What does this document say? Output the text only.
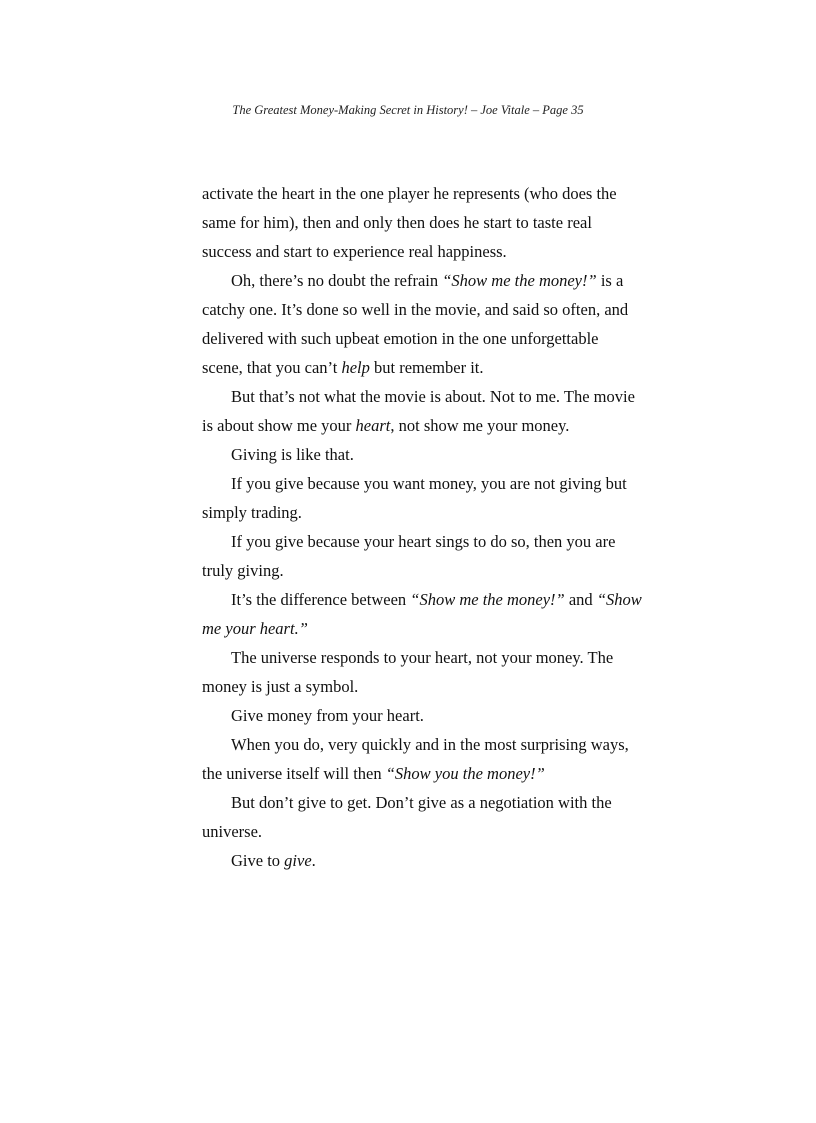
The Greatest Money-Making Secret in History! – Joe Vitale – Page 35

activate the heart in the one player he represents (who does the same for him), then and only then does he start to taste real success and start to experience real happiness.

Oh, there’s no doubt the refrain “Show me the money!” is a catchy one. It’s done so well in the movie, and said so often, and delivered with such upbeat emotion in the one unforgettable scene, that you can’t help but remember it.

But that’s not what the movie is about. Not to me. The movie is about show me your heart, not show me your money.

Giving is like that.

If you give because you want money, you are not giving but simply trading.

If you give because your heart sings to do so, then you are truly giving.

It’s the difference between “Show me the money!” and “Show me your heart.”

The universe responds to your heart, not your money. The money is just a symbol.

Give money from your heart.

When you do, very quickly and in the most surprising ways, the universe itself will then “Show you the money!”

But don’t give to get. Don’t give as a negotiation with the universe.

Give to give.
